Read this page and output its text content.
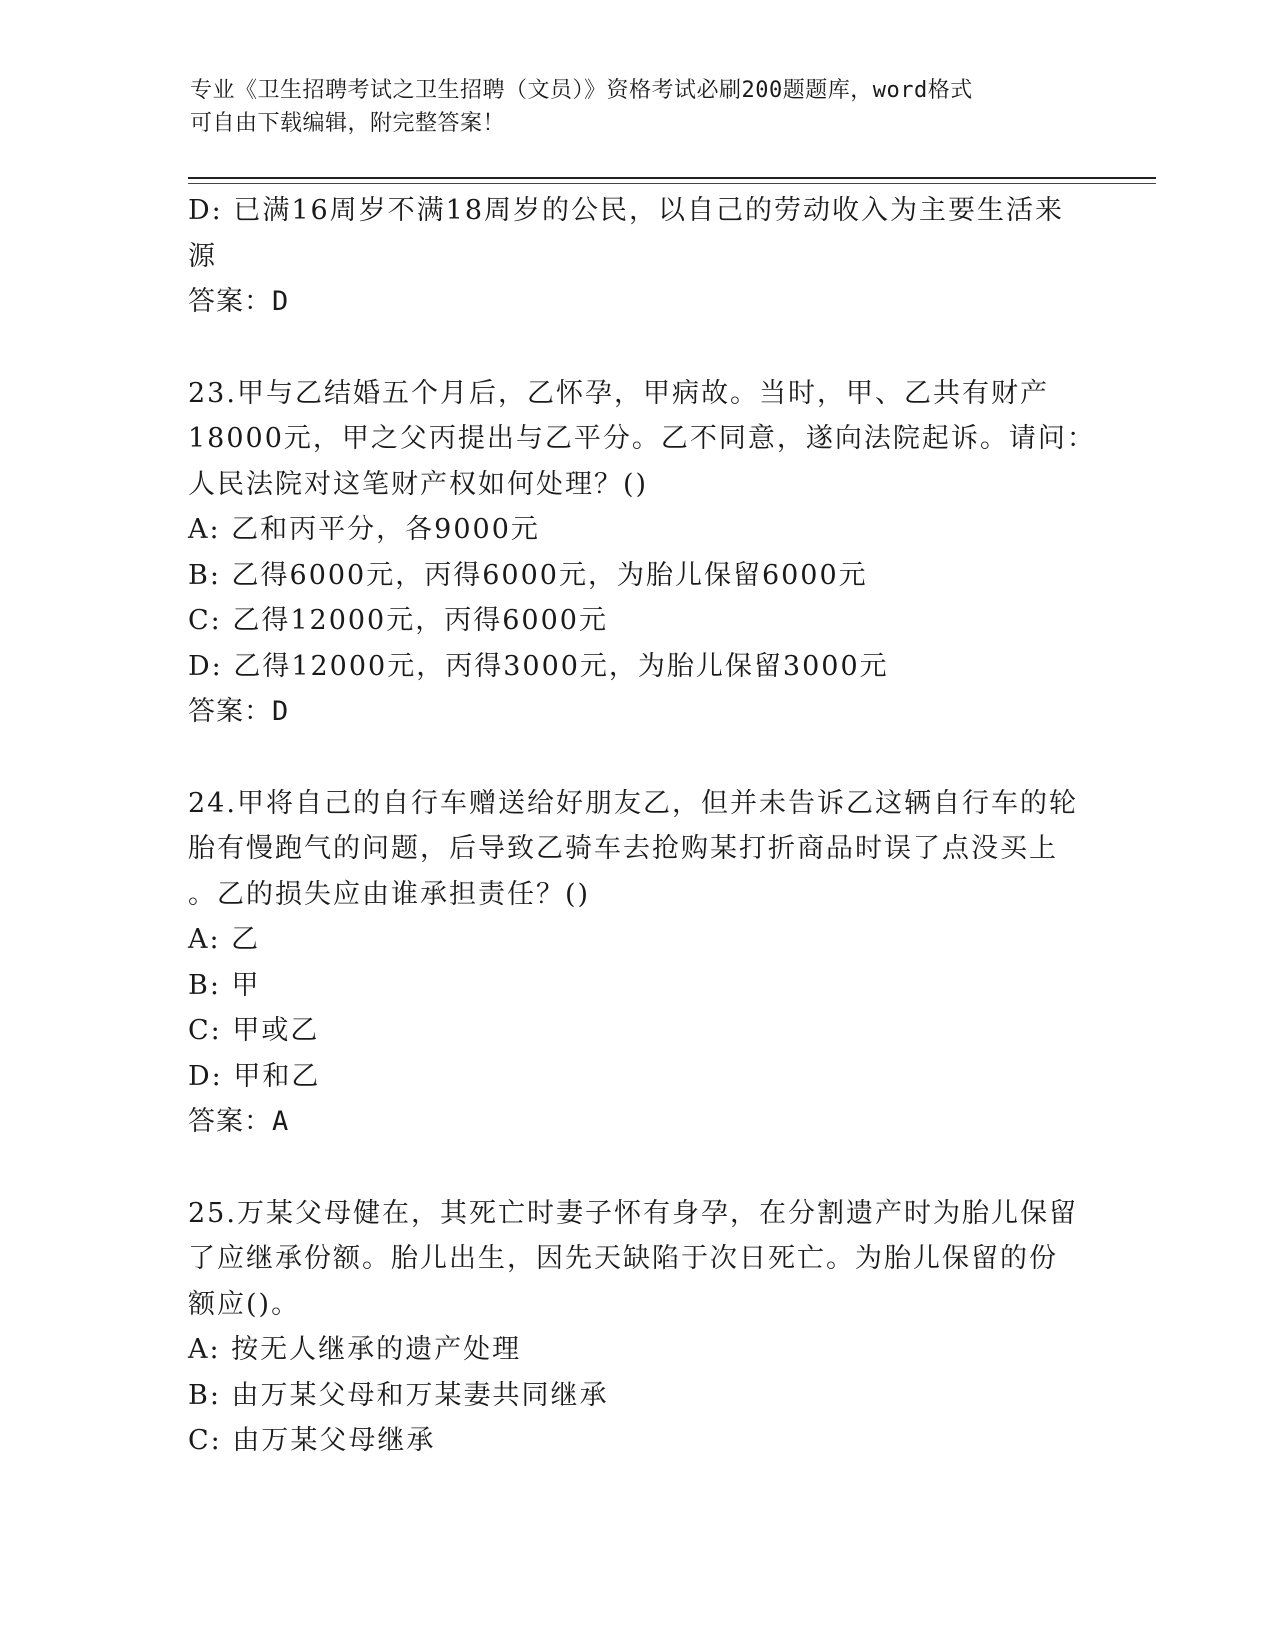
专业《卫生招聘考试之卫生招聘（文员）》资格考试必刷200题题库，word格式
可自由下载编辑，附完整答案！
D: 已满16周岁不满18周岁的公民，以自己的劳动收入为主要生活来
源
答案：D
23.甲与乙结婚五个月后，乙怀孕，甲病故。当时，甲、乙共有财产
18000元，甲之父丙提出与乙平分。乙不同意，遂向法院起诉。请问：
人民法院对这笔财产权如何处理？()
A: 乙和丙平分，各9000元
B: 乙得6000元，丙得6000元，为胎儿保留6000元
C: 乙得12000元，丙得6000元
D: 乙得12000元，丙得3000元，为胎儿保留3000元
答案：D
24.甲将自己的自行车赠送给好朋友乙，但并未告诉乙这辆自行车的轮
胎有慢跑气的问题，后导致乙骑车去抢购某打折商品时误了点没买上
。乙的损失应由谁承担责任？()
A: 乙
B: 甲
C: 甲或乙
D: 甲和乙
答案：A
25.万某父母健在，其死亡时妻子怀有身孕，在分割遗产时为胎儿保留
了应继承份额。胎儿出生，因先天缺陷于次日死亡。为胎儿保留的份
额应()。
A: 按无人继承的遗产处理
B: 由万某父母和万某妻共同继承
C: 由万某父母继承
